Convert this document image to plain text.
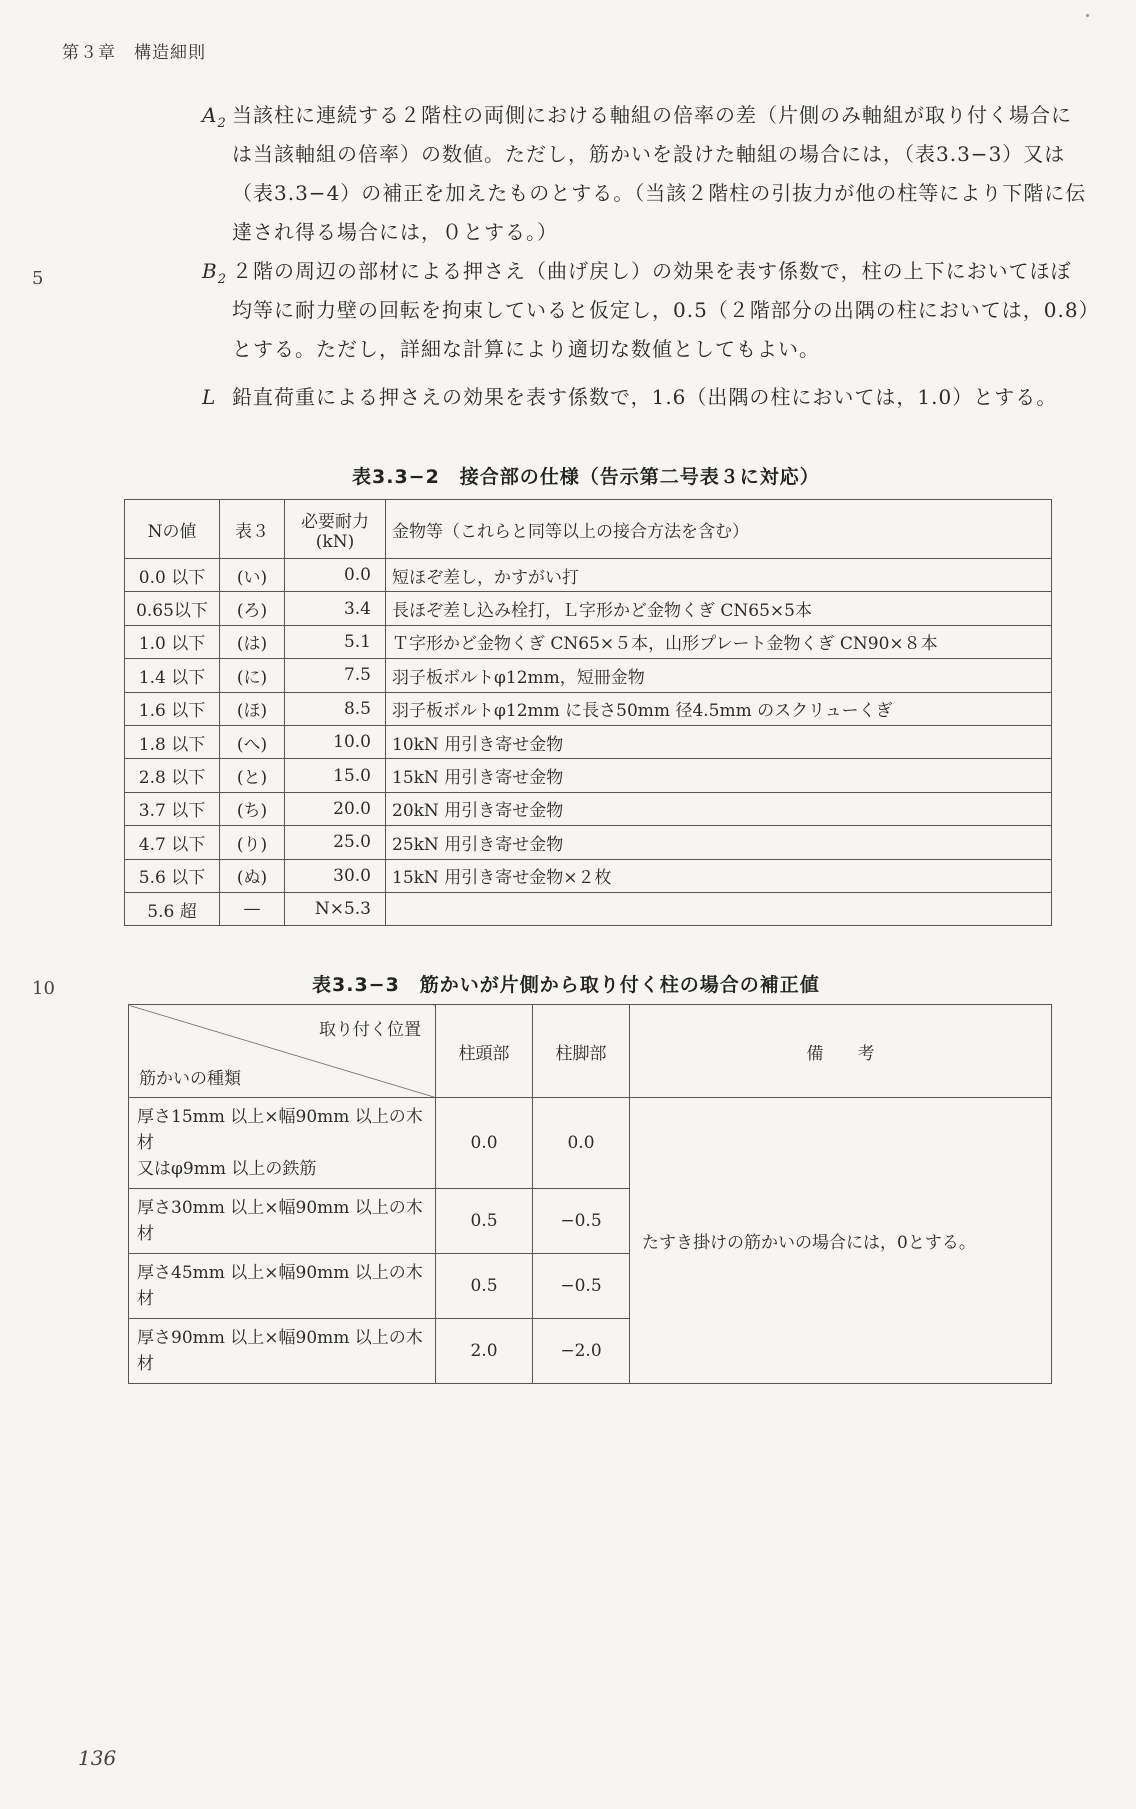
第３章　構造細則
5
10
$A_2$ 当該柱に連続する２階柱の両側における軸組の倍率の差（片側のみ軸組が取り付く場合には当該軸組の倍率）の数値。ただし，筋かいを設けた軸組の場合には，（表3.3−3）又は（表3.3−4）の補正を加えたものとする。（当該２階柱の引抜力が他の柱等により下階に伝達され得る場合には，０とする。）
$B_2$ ２階の周辺の部材による押さえ（曲げ戻し）の効果を表す係数で，柱の上下においてほぼ均等に耐力壁の回転を拘束していると仮定し，0.5（２階部分の出隅の柱においては，0.8）とする。ただし，詳細な計算により適切な数値としてもよい。
L 鉛直荷重による押さえの効果を表す係数で，1.6（出隅の柱においては，1.0）とする。
表3.3−2　接合部の仕様（告示第二号表３に対応）
Nの値	表３	必要耐力 (kN)	金物等（これらと同等以上の接合方法を含む）
0.0 以下	(い)	0.0	短ほぞ差し，かすがい打
0.65以下	(ろ)	3.4	長ほぞ差し込み栓打，Ｌ字形かど金物くぎ CN65×5本
1.0 以下	(は)	5.1	Ｔ字形かど金物くぎ CN65×５本，山形プレート金物くぎ CN90×８本
1.4 以下	(に)	7.5	羽子板ボルトφ12mm，短冊金物
1.6 以下	(ほ)	8.5	羽子板ボルトφ12mm に長さ50mm 径4.5mm のスクリューくぎ
1.8 以下	(へ)	10.0	10kN 用引き寄せ金物
2.8 以下	(と)	15.0	15kN 用引き寄せ金物
3.7 以下	(ち)	20.0	20kN 用引き寄せ金物
4.7 以下	(り)	25.0	25kN 用引き寄せ金物
5.6 以下	(ぬ)	30.0	15kN 用引き寄せ金物×２枚
5.6 超	—	N×5.3	
表3.3−3　筋かいが片側から取り付く柱の場合の補正値
取り付く位置
筋かいの種類	柱頭部	柱脚部	備　　考
厚さ15mm 以上×幅90mm 以上の木材
又はφ9mm 以上の鉄筋	0.0	0.0	たすき掛けの筋かいの場合には，0とする。
厚さ30mm 以上×幅90mm 以上の木材	0.5	−0.5	
厚さ45mm 以上×幅90mm 以上の木材	0.5	−0.5	
厚さ90mm 以上×幅90mm 以上の木材	2.0	−2.0	
136
